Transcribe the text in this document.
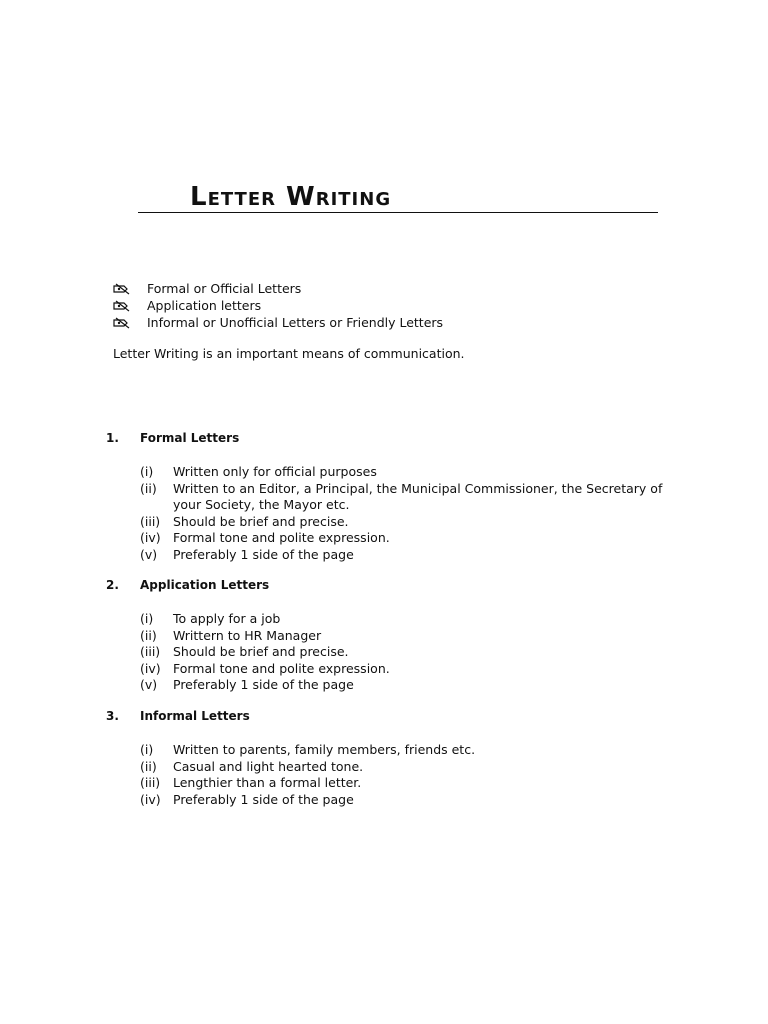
Letter Writing
Formal or Official Letters
Application letters
Informal or Unofficial Letters or Friendly Letters
Letter Writing is an important means of communication.
1.	Formal Letters
(i)	Written only for official purposes
(ii)	Written to an Editor, a Principal, the Municipal Commissioner, the Secretary of your Society, the Mayor etc.
(iii)	Should be brief and precise.
(iv) Formal tone and polite expression.
(v)	Preferably 1 side of the page
2.	Application Letters
(i)	To apply for a job
(ii)	Writtern to HR Manager
(iii)	Should be brief and precise.
(iv) Formal tone and polite expression.
(v)	Preferably 1 side of the page
3.	Informal Letters
(i)	Written to parents, family members, friends etc.
(ii)	Casual and light hearted tone.
(iii)	Lengthier than a formal letter.
(iv) Preferably 1 side of the page
